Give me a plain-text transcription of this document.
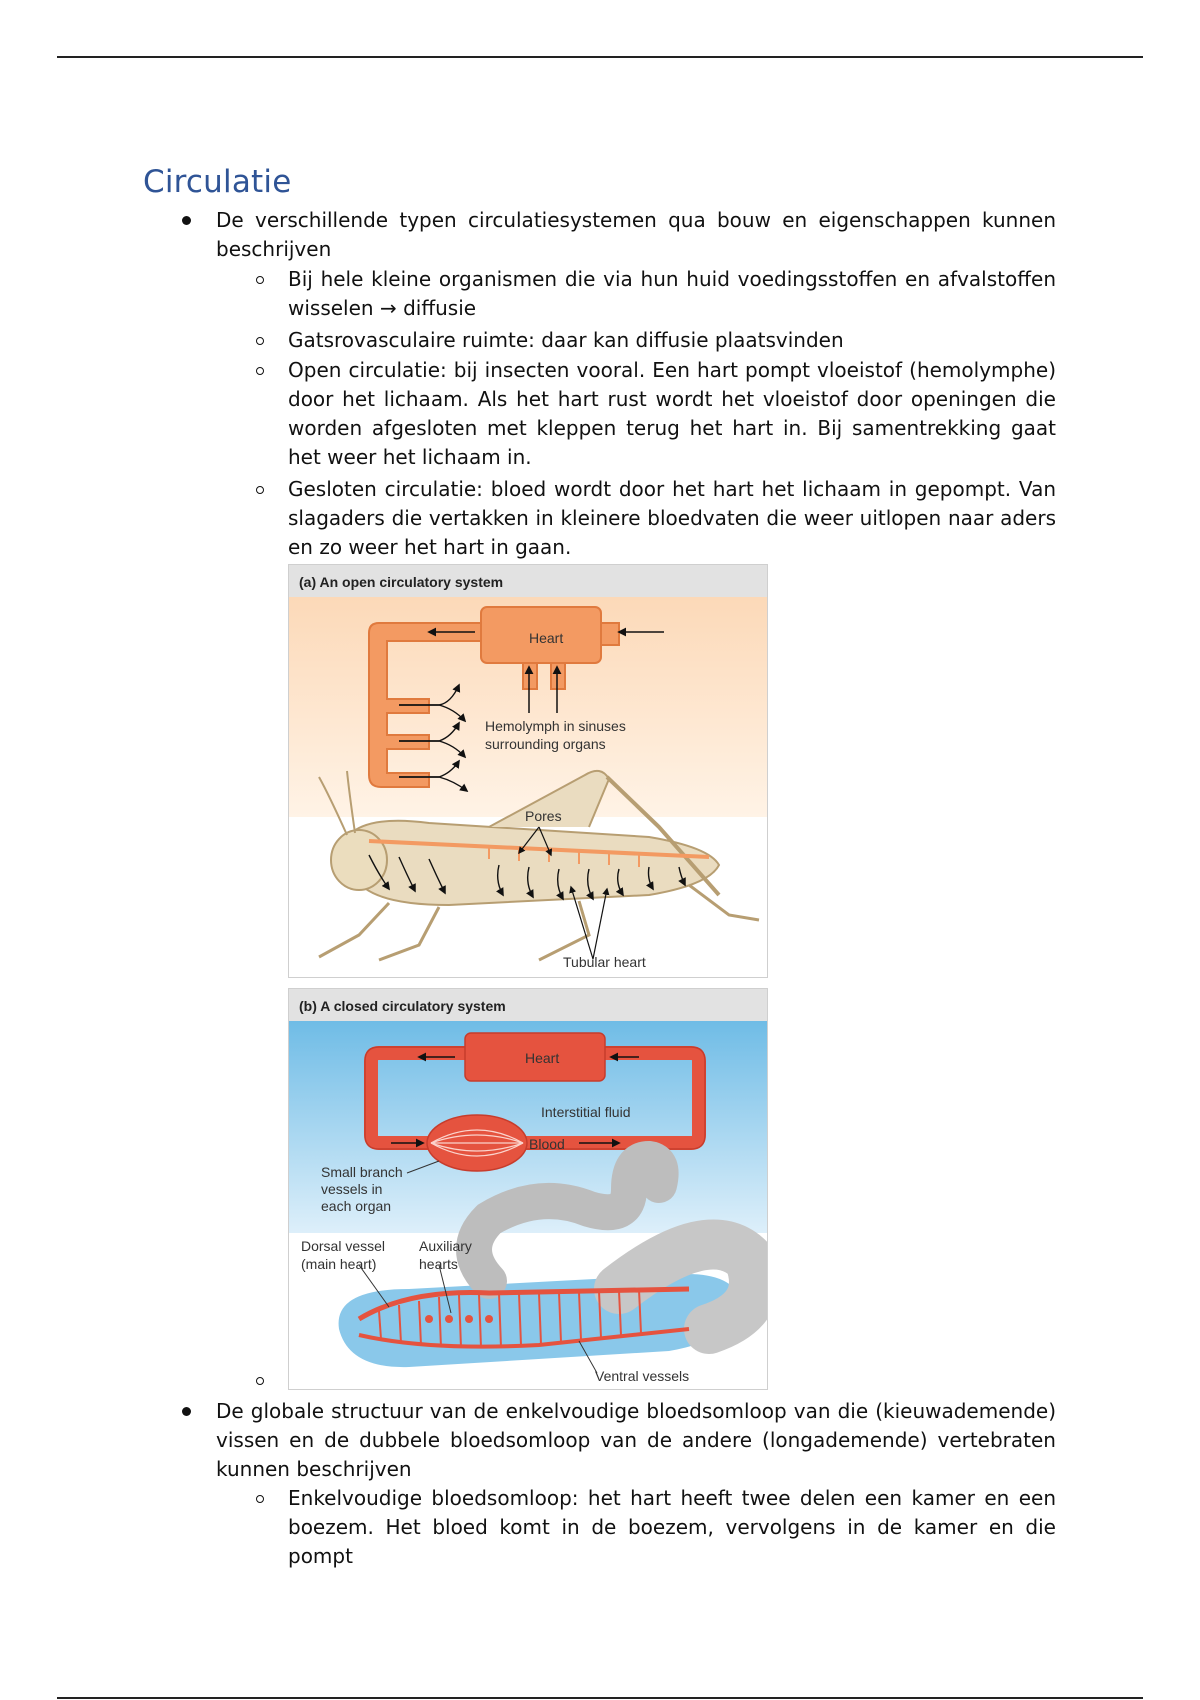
Circulatie

De verschillende typen circulatiesystemen qua bouw en eigenschappen kunnen beschrijven

Bij hele kleine organismen die via hun huid voedingsstoffen en afvalstoffen wisselen → diffusie

Gatsrovasculaire ruimte: daar kan diffusie plaatsvinden

Open circulatie: bij insecten vooral. Een hart pompt vloeistof (hemolymphe) door het lichaam. Als het hart rust wordt het vloeistof door openingen die worden afgesloten met kleppen terug het hart in. Bij samentrekking gaat het weer het lichaam in.

Gesloten circulatie: bloed wordt door het hart het lichaam in gepompt. Van slagaders die vertakken in kleinere bloedvaten die weer uitlopen naar aders en zo weer het hart in gaan.

(a) An open circulatory system
Heart
Hemolymph in sinuses
surrounding organs
Pores
Tubular heart
(b) A closed circulatory system
Heart
Interstitial fluid
Blood
Small branch
vessels in
each organ
Dorsal vessel
(main heart)
Auxiliary
hearts
Ventral vessels

De globale structuur van de enkelvoudige bloedsomloop van die (kieuwademende) vissen en de dubbele bloedsomloop van de andere (longademende) vertebraten kunnen beschrijven

Enkelvoudige bloedsomloop: het hart heeft twee delen een kamer en een boezem. Het bloed komt in de boezem, vervolgens in de kamer en die pompt
